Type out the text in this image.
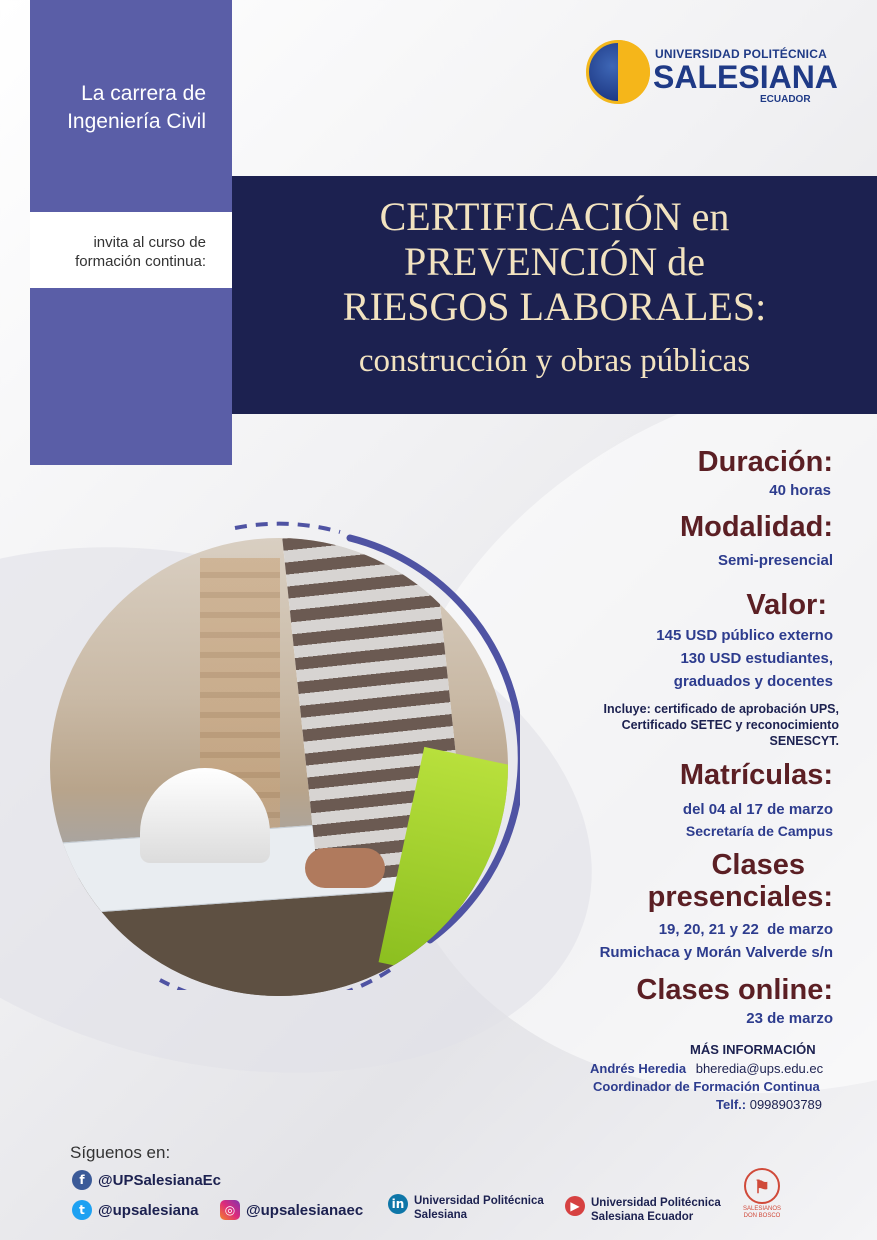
La carrera de Ingeniería Civil
invita al curso de formación continua:
CERTIFICACIÓN en
PREVENCIÓN de
RIESGOS LABORALES:
construcción y obras públicas
UNIVERSIDAD POLITÉCNICA
SALESIANA
ECUADOR
Duración:
40 horas
Modalidad:
Semi-presencial
Valor:
145 USD público externo
130 USD estudiantes,
graduados y docentes
Incluye: certificado de aprobación UPS,
Certificado SETEC y reconocimiento
SENESCYT.
Matrículas:
del 04 al 17 de marzo
Secretaría de Campus
Clases
presenciales:
19, 20, 21 y 22  de marzo
Rumichaca y Morán Valverde s/n
Clases online:
23 de marzo
MÁS INFORMACIÓN
Andrés Heredia bheredia@ups.edu.ec
Coordinador de Formación Continua
Telf.: 0998903789
Síguenos en:
f @UPSalesianaEc
t @upsalesiana	◎ @upsalesianaec	in Universidad Politécnica
Salesiana
▶ Universidad Politécnica
Salesiana Ecuador
⚑
SALESIANOS
DON BOSCO
